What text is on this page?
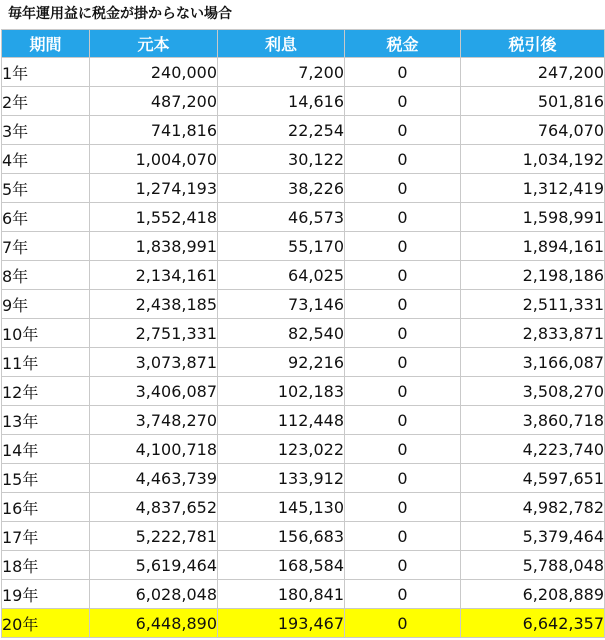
毎年運用益に税金が掛からない場合
期間	元本	利息	税金	税引後
1年	240,000	7,200	0	247,200
2年	487,200	14,616	0	501,816
3年	741,816	22,254	0	764,070
4年	1,004,070	30,122	0	1,034,192
5年	1,274,193	38,226	0	1,312,419
6年	1,552,418	46,573	0	1,598,991
7年	1,838,991	55,170	0	1,894,161
8年	2,134,161	64,025	0	2,198,186
9年	2,438,185	73,146	0	2,511,331
10年	2,751,331	82,540	0	2,833,871
11年	3,073,871	92,216	0	3,166,087
12年	3,406,087	102,183	0	3,508,270
13年	3,748,270	112,448	0	3,860,718
14年	4,100,718	123,022	0	4,223,740
15年	4,463,739	133,912	0	4,597,651
16年	4,837,652	145,130	0	4,982,782
17年	5,222,781	156,683	0	5,379,464
18年	5,619,464	168,584	0	5,788,048
19年	6,028,048	180,841	0	6,208,889
20年	6,448,890	193,467	0	6,642,357
